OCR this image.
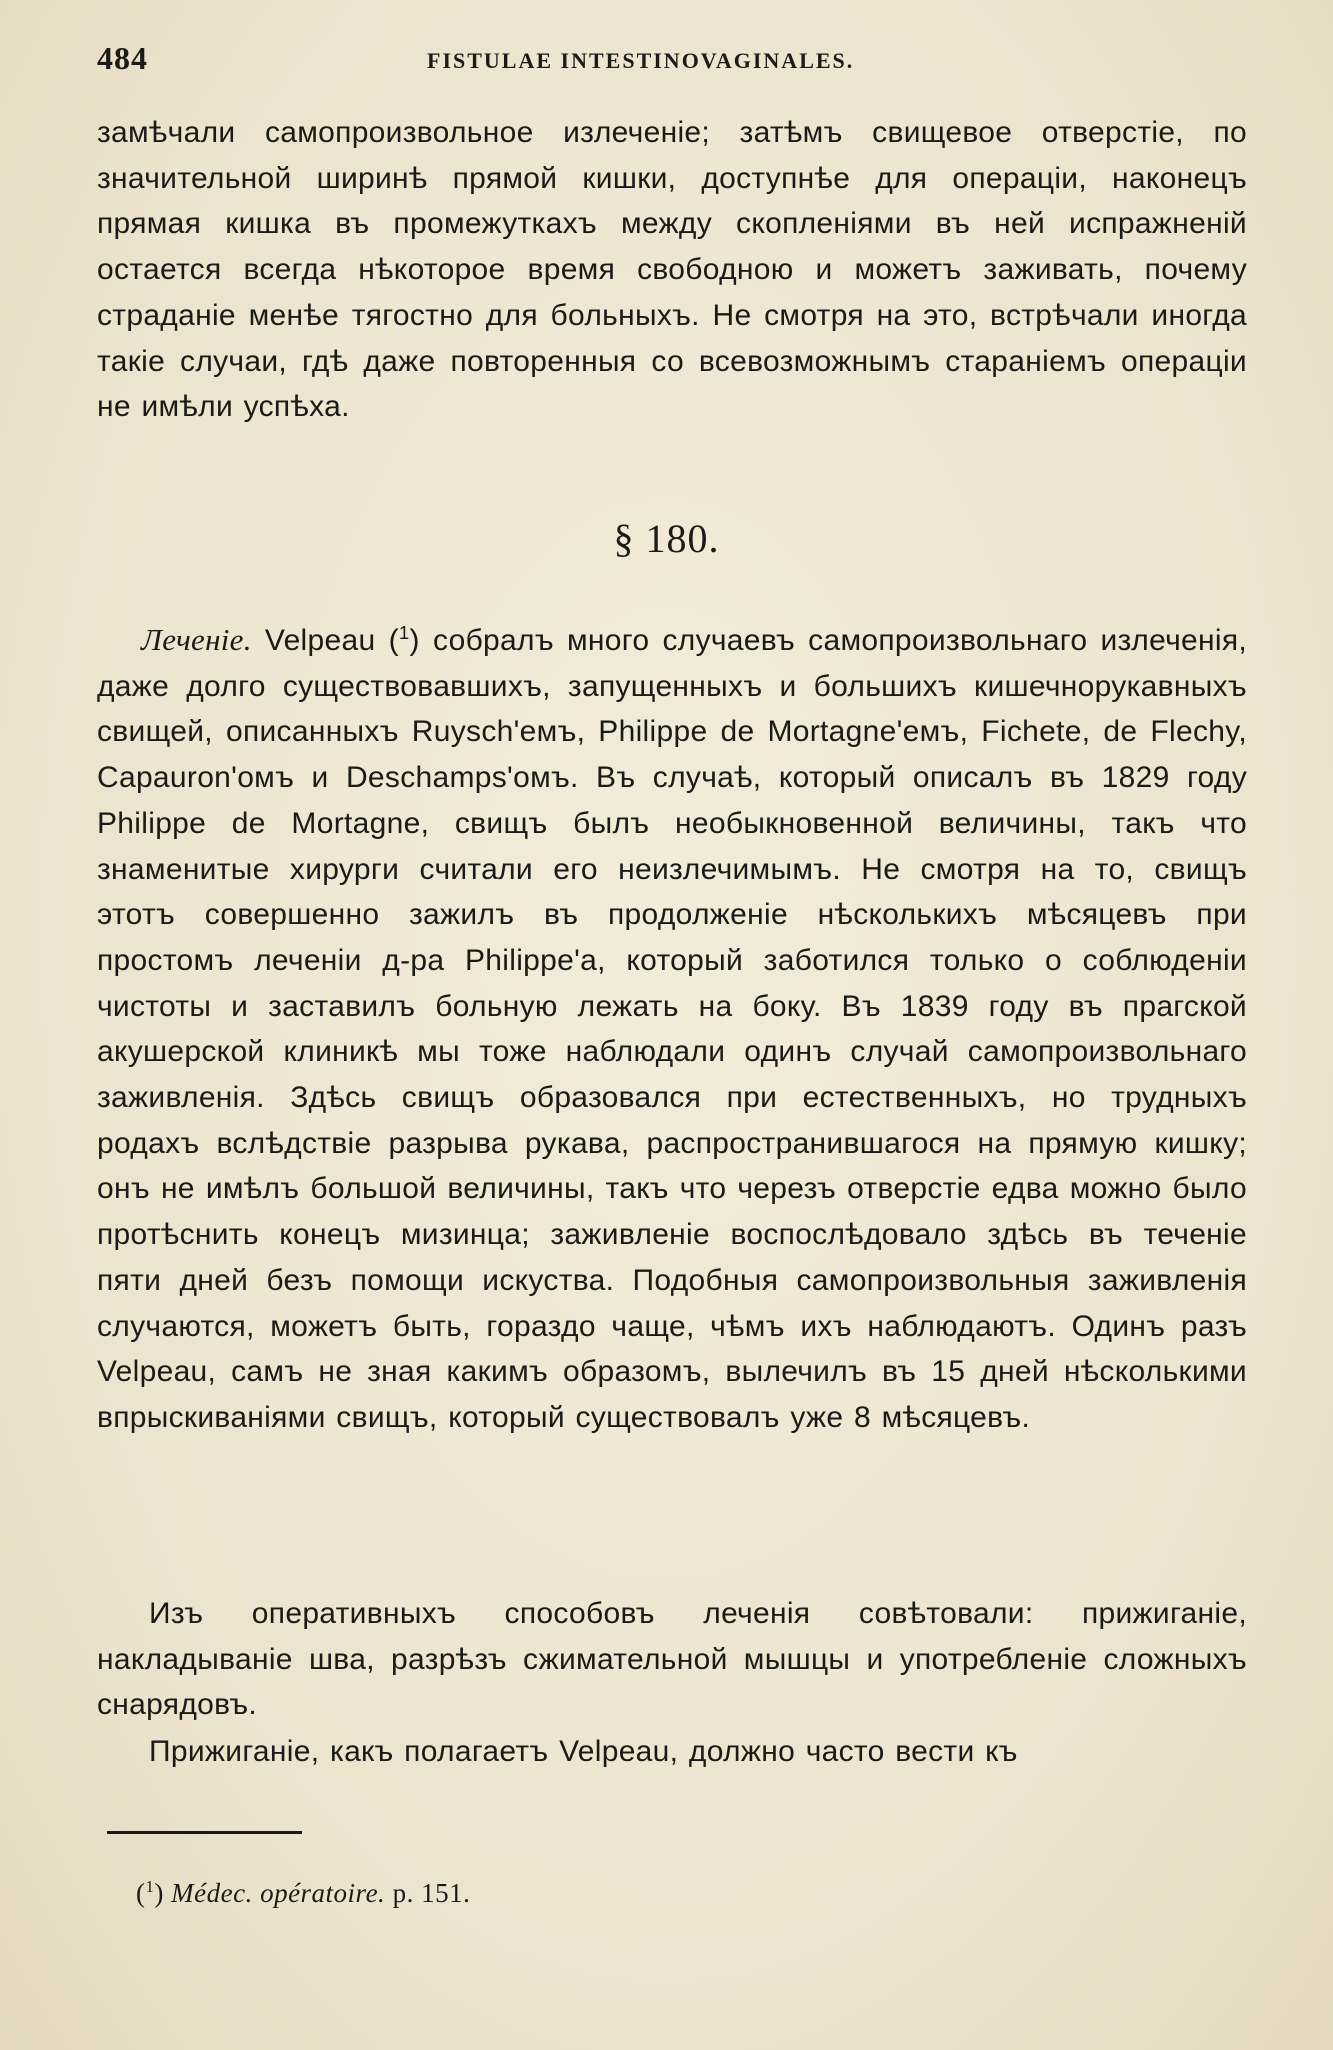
484	FISTULAE INTESTINOVAGINALES.

замѣчали самопроизвольное излеченіе; затѣмъ свищевое отверстіе, по значительной ширинѣ прямой кишки, доступнѣе для операціи, наконецъ прямая кишка въ промежуткахъ между скопленіями въ ней испражненій остается всегда нѣкоторое время свободною и можетъ заживать, почему страданіе менѣе тягостно для больныхъ. Не смотря на это, встрѣчали иногда такіе случаи, гдѣ даже повторенныя со всевозможнымъ стараніемъ операціи не имѣли успѣха.

§ 180.

Леченіе. Velpeau ($^1$) собралъ много случаевъ самопроизвольнаго излеченія, даже долго существовавшихъ, запущенныхъ и большихъ кишечнорукавныхъ свищей, описанныхъ Ruysch'емъ, Philippe de Mortagne'емъ, Fichete, de Flechy, Capauron'омъ и Deschamps'омъ. Въ случаѣ, который описалъ въ 1829 году Philippe de Mortagne, свищъ былъ необыкновенной величины, такъ что знаменитые хирурги считали его неизлечимымъ. Не смотря на то, свищъ этотъ совершенно зажилъ въ продолженіе нѣсколькихъ мѣсяцевъ при простомъ леченіи д-ра Philippe'а, который заботился только о соблюденіи чистоты и заставилъ больную лежать на боку. Въ 1839 году въ прагской акушерской клиникѣ мы тоже наблюдали одинъ случай самопроизвольнаго заживленія. Здѣсь свищъ образовался при естественныхъ, но трудныхъ родахъ вслѣдствіе разрыва рукава, распространившагося на прямую кишку; онъ не имѣлъ большой величины, такъ что черезъ отверстіе едва можно было протѣснить конецъ мизинца; заживленіе воспослѣдовало здѣсь въ теченіе пяти дней безъ помощи искуства. Подобныя самопроизвольныя заживленія случаются, можетъ быть, гораздо чаще, чѣмъ ихъ наблюдаютъ. Одинъ разъ Velpeau, самъ не зная какимъ образомъ, вылечилъ въ 15 дней нѣсколькими впрыскиваніями свищъ, который существовалъ уже 8 мѣсяцевъ.

Изъ оперативныхъ способовъ леченія совѣтовали: прижиганіе, накладываніе шва, разрѣзъ сжимательной мышцы и употребленіе сложныхъ снарядовъ.

Прижиганіе, какъ полагаетъ Velpeau, должно часто вести къ

($^1$) Médec. opératoire. p. 151.
